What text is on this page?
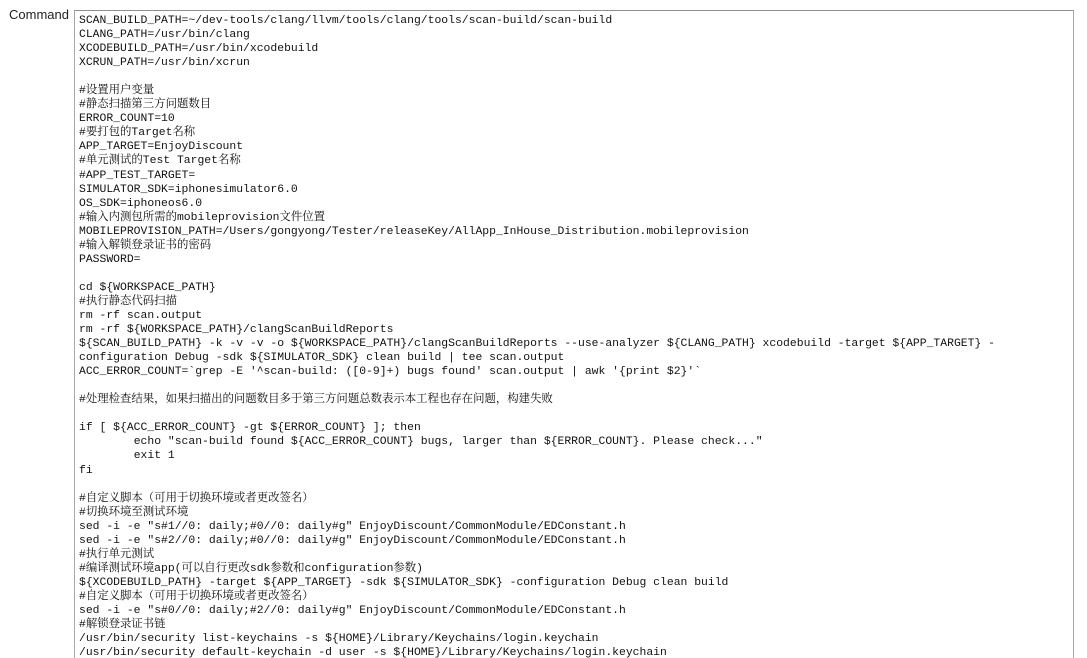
Command SCAN_BUILD_PATH=~/dev-tools/clang/llvm/tools/clang/tools/scan-build/scan-build
CLANG_PATH=/usr/bin/clang
XCODEBUILD_PATH=/usr/bin/xcodebuild
XCRUN_PATH=/usr/bin/xcrun

#设置用户变量
#静态扫描第三方问题数目
ERROR_COUNT=10
#要打包的Target名称
APP_TARGET=EnjoyDiscount
#单元测试的Test Target名称
#APP_TEST_TARGET=
SIMULATOR_SDK=iphonesimulator6.0
OS_SDK=iphoneos6.0
#输入内测包所需的mobileprovision文件位置
MOBILEPROVISION_PATH=/Users/gongyong/Tester/releaseKey/AllApp_InHouse_Distribution.mobileprovision
#输入解锁登录证书的密码
PASSWORD=

cd ${WORKSPACE_PATH}
#执行静态代码扫描
rm -rf scan.output
rm -rf ${WORKSPACE_PATH}/clangScanBuildReports
${SCAN_BUILD_PATH} -k -v -v -o ${WORKSPACE_PATH}/clangScanBuildReports --use-analyzer ${CLANG_PATH} xcodebuild -target ${APP_TARGET} -
configuration Debug -sdk ${SIMULATOR_SDK} clean build | tee scan.output
ACC_ERROR_COUNT=`grep -E '^scan-build: ([0-9]+) bugs found' scan.output | awk '{print $2}'`

#处理检查结果，如果扫描出的问题数目多于第三方问题总数表示本工程也存在问题，构建失败

if [ ${ACC_ERROR_COUNT} -gt ${ERROR_COUNT} ]; then
echo "scan-build found ${ACC_ERROR_COUNT} bugs, larger than ${ERROR_COUNT}. Please check..."
exit 1
fi

#自定义脚本（可用于切换环境或者更改签名）
#切换环境至测试环境
sed -i -e "s#1//0: daily;#0//0: daily#g" EnjoyDiscount/CommonModule/EDConstant.h
sed -i -e "s#2//0: daily;#0//0: daily#g" EnjoyDiscount/CommonModule/EDConstant.h
#执行单元测试
#编译测试环境app(可以自行更改sdk参数和configuration参数)
${XCODEBUILD_PATH} -target ${APP_TARGET} -sdk ${SIMULATOR_SDK} -configuration Debug clean build
#自定义脚本（可用于切换环境或者更改签名）
sed -i -e "s#0//0: daily;#2//0: daily#g" EnjoyDiscount/CommonModule/EDConstant.h
#解锁登录证书链
/usr/bin/security list-keychains -s ${HOME}/Library/Keychains/login.keychain
/usr/bin/security default-keychain -d user -s ${HOME}/Library/Keychains/login.keychain
